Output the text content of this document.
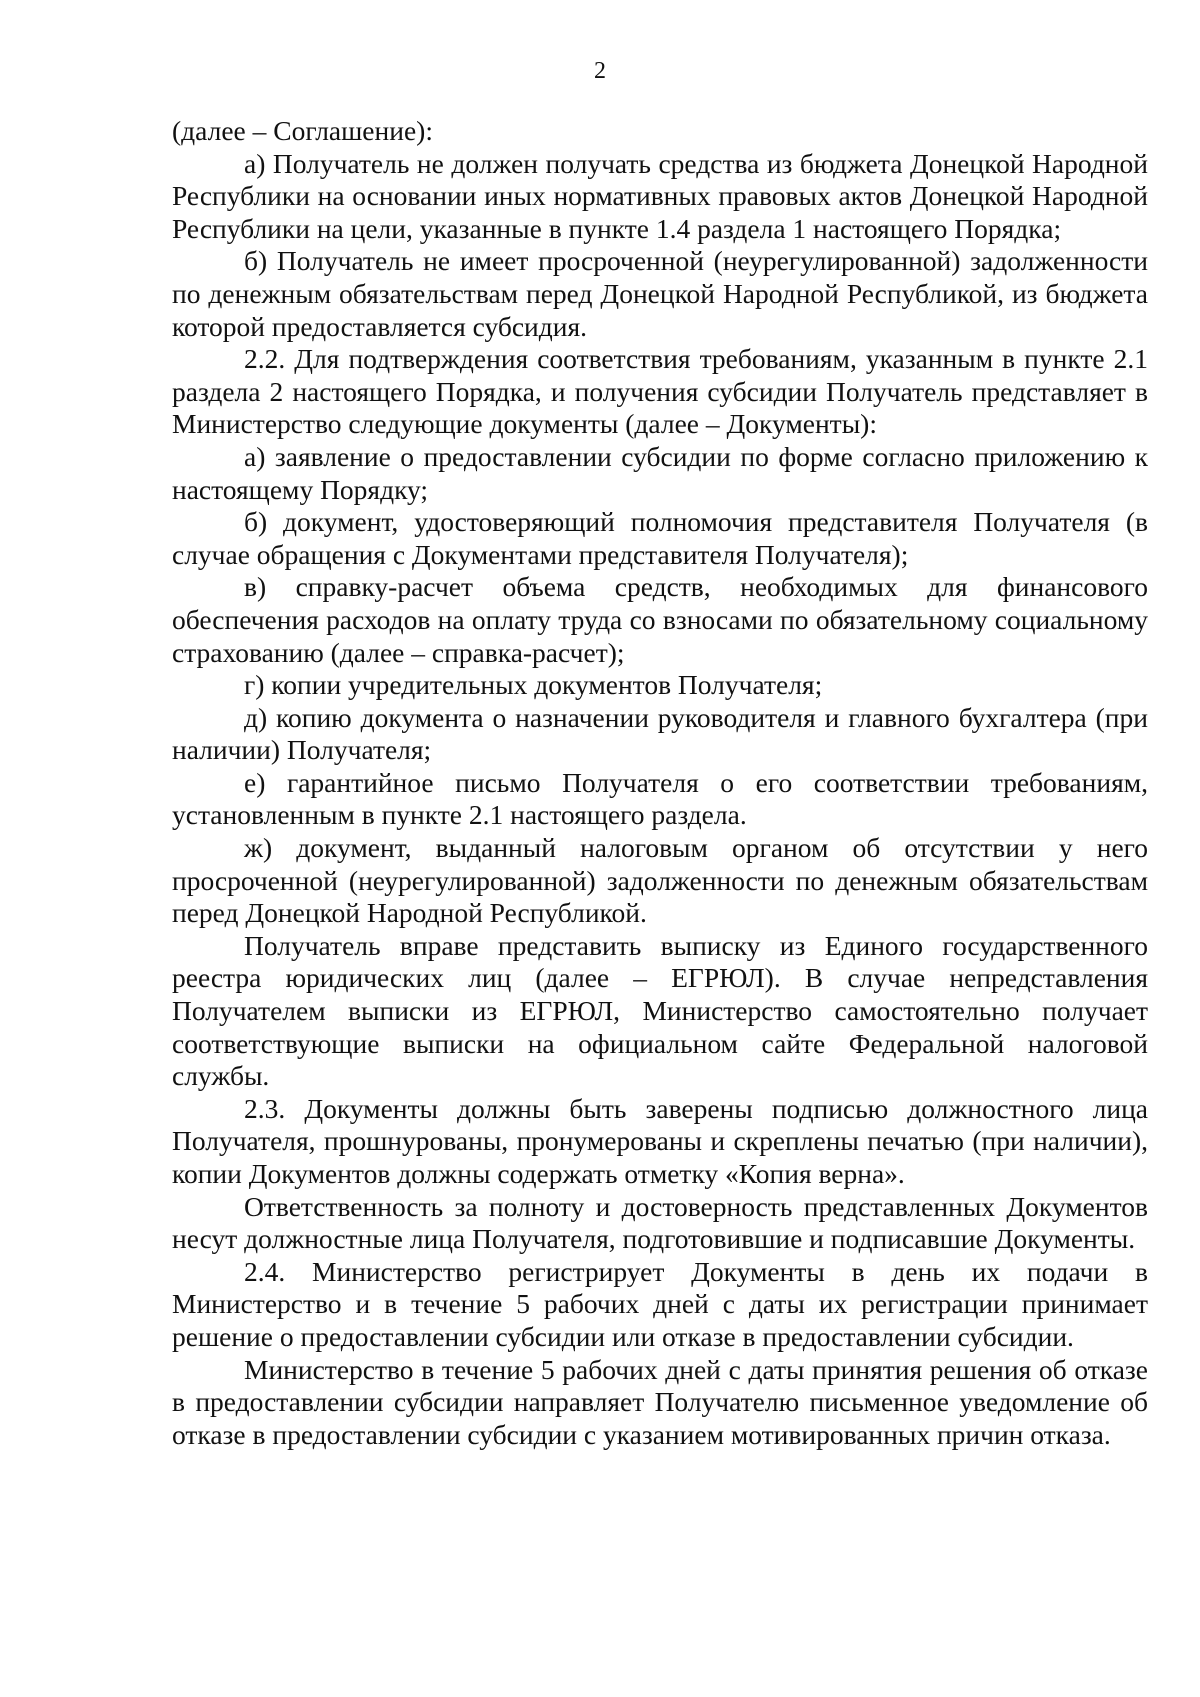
2

(далее – Соглашение):

а) Получатель не должен получать средства из бюджета Донецкой Народной Республики на основании иных нормативных правовых актов Донецкой Народной Республики на цели, указанные в пункте 1.4 раздела 1 настоящего Порядка;

б) Получатель не имеет просроченной (неурегулированной) задолженности по денежным обязательствам перед Донецкой Народной Республикой, из бюджета которой предоставляется субсидия.

2.2. Для подтверждения соответствия требованиям, указанным в пункте 2.1 раздела 2 настоящего Порядка, и получения субсидии Получатель представляет в Министерство следующие документы (далее – Документы):

а) заявление о предоставлении субсидии по форме согласно приложению к настоящему Порядку;

б) документ, удостоверяющий полномочия представителя Получателя (в случае обращения с Документами представителя Получателя);

в) справку-расчет объема средств, необходимых для финансового обеспечения расходов на оплату труда со взносами по обязательному социальному страхованию (далее – справка-расчет);

г) копии учредительных документов Получателя;

д) копию документа о назначении руководителя и главного бухгалтера (при наличии) Получателя;

е) гарантийное письмо Получателя о его соответствии требованиям, установленным в пункте 2.1 настоящего раздела.

ж) документ, выданный налоговым органом об отсутствии у него просроченной (неурегулированной) задолженности по денежным обязательствам перед Донецкой Народной Республикой.

Получатель вправе представить выписку из Единого государственного реестра юридических лиц (далее – ЕГРЮЛ). В случае непредставления Получателем выписки из ЕГРЮЛ, Министерство самостоятельно получает соответствующие выписки на официальном сайте Федеральной налоговой службы.

2.3. Документы должны быть заверены подписью должностного лица Получателя, прошнурованы, пронумерованы и скреплены печатью (при наличии), копии Документов должны содержать отметку «Копия верна».

Ответственность за полноту и достоверность представленных Документов несут должностные лица Получателя, подготовившие и подписавшие Документы.

2.4. Министерство регистрирует Документы в день их подачи в Министерство и в течение 5 рабочих дней с даты их регистрации принимает решение о предоставлении субсидии или отказе в предоставлении субсидии.

Министерство в течение 5 рабочих дней с даты принятия решения об отказе в предоставлении субсидии направляет Получателю письменное уведомление об отказе в предоставлении субсидии с указанием мотивированных причин отказа.
